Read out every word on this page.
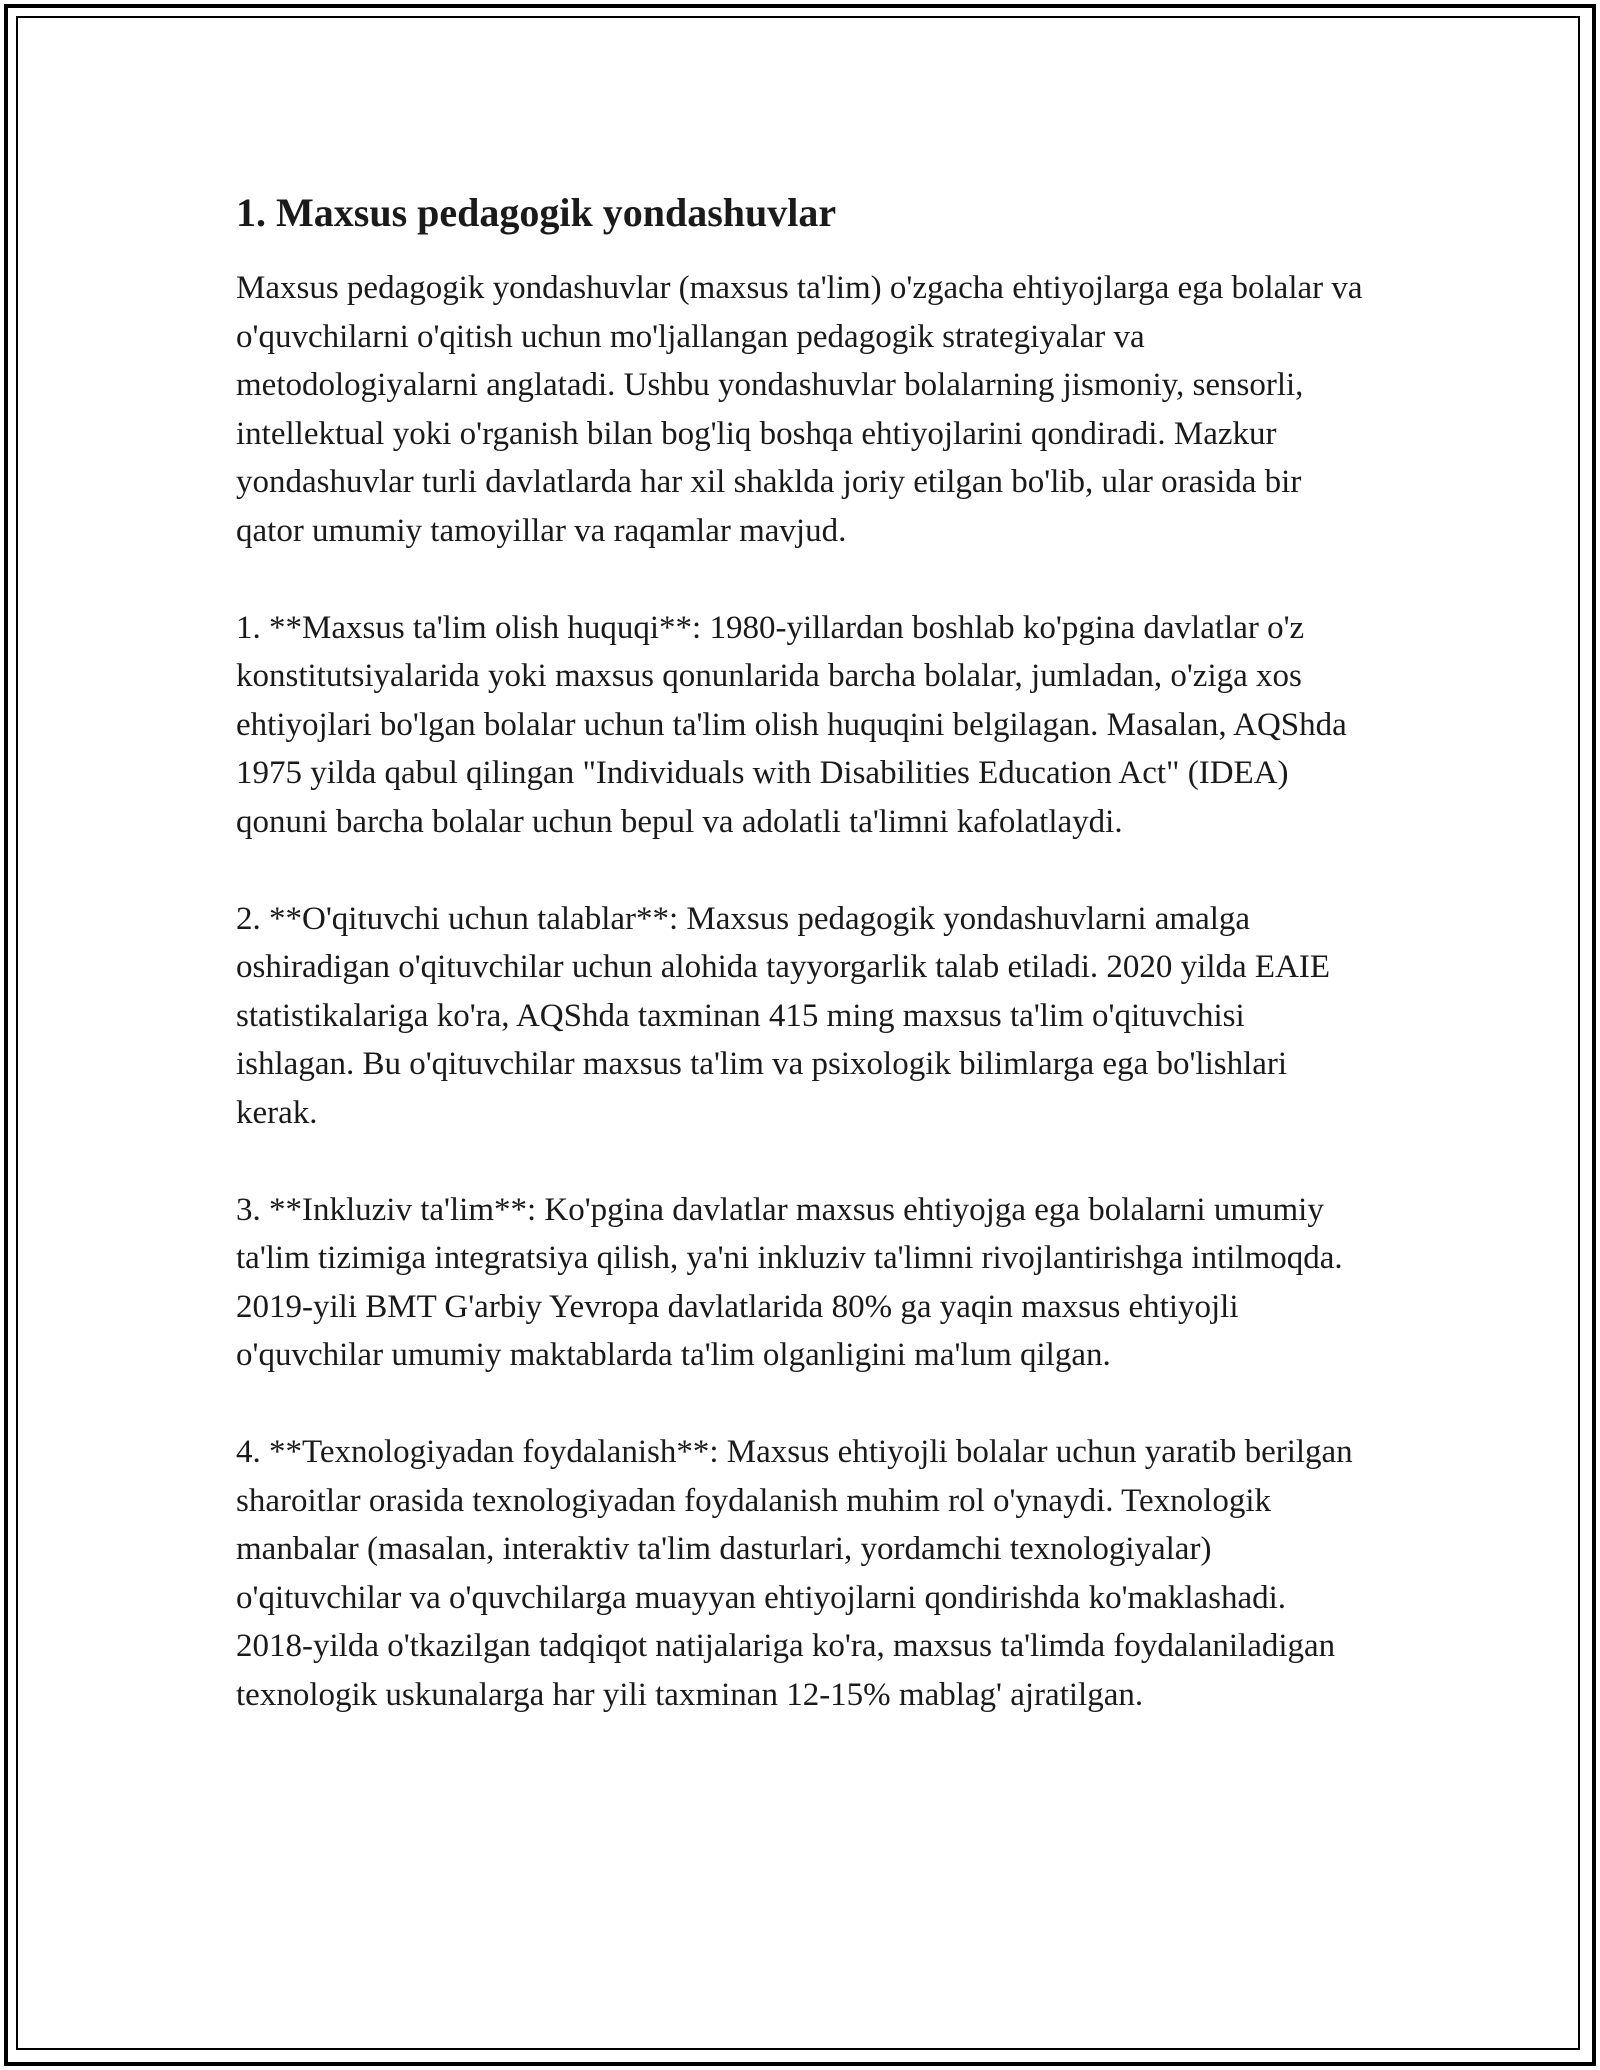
1. Maxsus pedagogik yondashuvlar

Maxsus pedagogik yondashuvlar (maxsus ta'lim) o'zgacha ehtiyojlarga ega bolalar va o'quvchilarni o'qitish uchun mo'ljallangan pedagogik strategiyalar va metodologiyalarni anglatadi. Ushbu yondashuvlar bolalarning jismoniy, sensorli, intellektual yoki o'rganish bilan bog'liq boshqa ehtiyojlarini qondiradi. Mazkur yondashuvlar turli davlatlarda har xil shaklda joriy etilgan bo'lib, ular orasida bir qator umumiy tamoyillar va raqamlar mavjud.

1. **Maxsus ta'lim olish huquqi**: 1980-yillardan boshlab ko'pgina davlatlar o'z konstitutsiyalarida yoki maxsus qonunlarida barcha bolalar, jumladan, o'ziga xos ehtiyojlari bo'lgan bolalar uchun ta'lim olish huquqini belgilagan. Masalan, AQShda 1975 yilda qabul qilingan "Individuals with Disabilities Education Act" (IDEA) qonuni barcha bolalar uchun bepul va adolatli ta'limni kafolatlaydi.

2. **O'qituvchi uchun talablar**: Maxsus pedagogik yondashuvlarni amalga oshiradigan o'qituvchilar uchun alohida tayyorgarlik talab etiladi. 2020 yilda EAIE statistikalariga ko'ra, AQShda taxminan 415 ming maxsus ta'lim o'qituvchisi ishlagan. Bu o'qituvchilar maxsus ta'lim va psixologik bilimlarga ega bo'lishlari kerak.

3. **Inkluziv ta'lim**: Ko'pgina davlatlar maxsus ehtiyojga ega bolalarni umumiy ta'lim tizimiga integratsiya qilish, ya'ni inkluziv ta'limni rivojlantirishga intilmoqda. 2019-yili BMT G'arbiy Yevropa davlatlarida 80% ga yaqin maxsus ehtiyojli o'quvchilar umumiy maktablarda ta'lim olganligini ma'lum qilgan.

4. **Texnologiyadan foydalanish**: Maxsus ehtiyojli bolalar uchun yaratib berilgan sharoitlar orasida texnologiyadan foydalanish muhim rol o'ynaydi. Texnologik manbalar (masalan, interaktiv ta'lim dasturlari, yordamchi texnologiyalar) o'qituvchilar va o'quvchilarga muayyan ehtiyojlarni qondirishda ko'maklashadi. 2018-yilda o'tkazilgan tadqiqot natijalariga ko'ra, maxsus ta'limda foydalaniladigan texnologik uskunalarga har yili taxminan 12-15% mablag' ajratilgan.
